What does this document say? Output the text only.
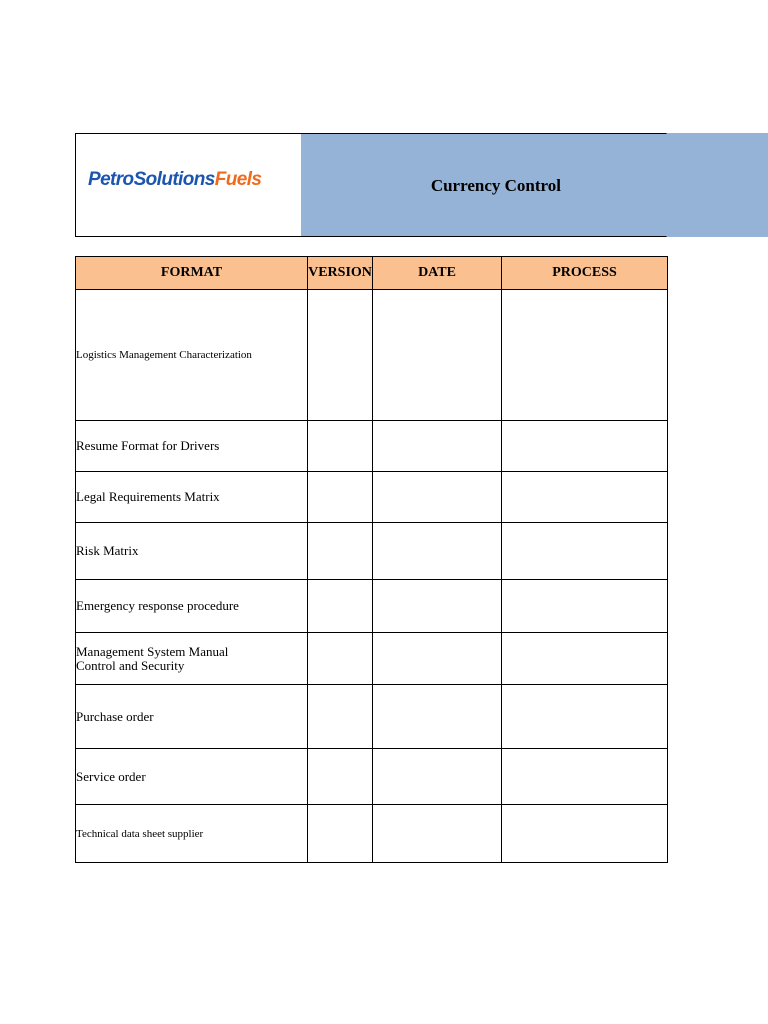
PetroSolutionsFuels	Currency Control
FORMAT	VERSION	DATE	PROCESS
Logistics Management Characterization			
Resume Format for Drivers			
Legal Requirements Matrix			
Risk Matrix			
Emergency response procedure			
Management System Manual
Control and Security			
Purchase order			
Service order			
Technical data sheet supplier			
